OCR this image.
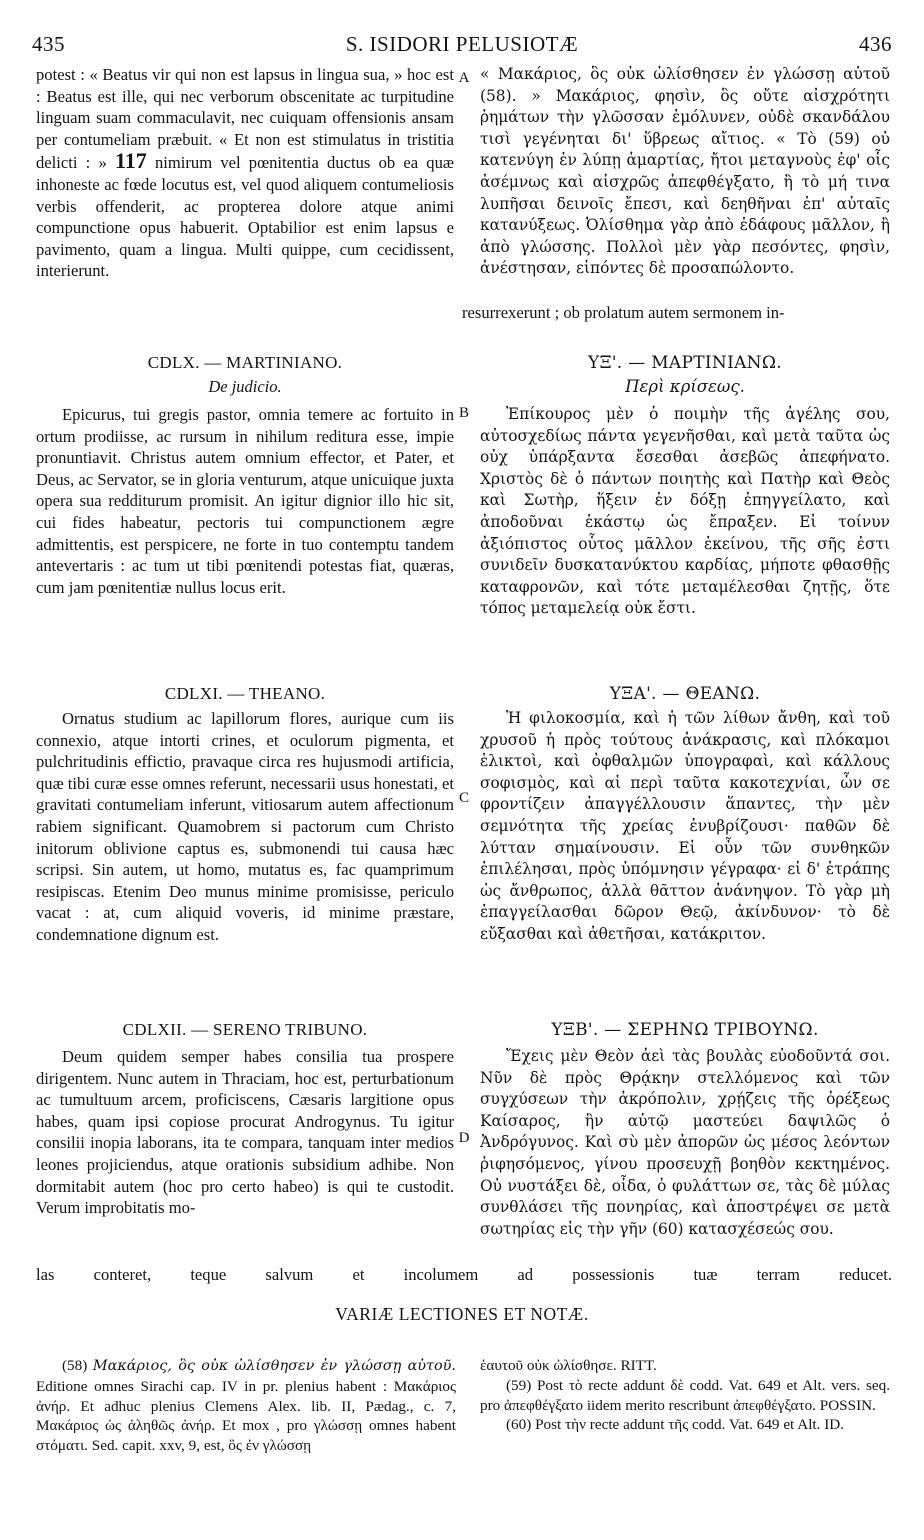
435	S. ISIDORI PELUSIOTÆ	436
A
B
C
D

potest : « Beatus vir qui non est lapsus in lingua sua, » hoc est : Beatus est ille, qui nec verborum obscenitate ac turpitudine linguam suam commaculavit, nec cuiquam offensionis ansam per contumeliam præbuit. « Et non est stimulatus in tristitia delicti : » 117 nimirum vel pœnitentia ductus ob ea quæ inhoneste ac fœde locutus est, vel quod aliquem contumeliosis verbis offenderit, ac propterea dolore atque animi compunctione opus habuerit. Optabilior est enim lapsus e pavimento, quam a lingua. Multi quippe, cum cecidissent, interierunt.

« Μακάριος, ὃς οὐκ ὠλίσθησεν ἐν γλώσσῃ αὐτοῦ (58). » Μακάριος, φησὶν, ὃς οὔτε αἰσχρότητι ῥημάτων τὴν γλῶσσαν ἐμόλυνεν, οὐδὲ σκανδάλου τισὶ γεγένηται δι' ὕβρεως αἴτιος. « Τὸ (59) οὐ κατενύγη ἐν λύπῃ ἁμαρτίας, ἤτοι μεταγνοὺς ἐφ' οἷς ἀσέμνως καὶ αἰσχρῶς ἀπεφθέγξατο, ἢ τὸ μή τινα λυπῆσαι δεινοῖς ἔπεσι, καὶ δεηθῆναι ἐπ' αὐταῖς κατανύξεως. Ὀλίσθημα γὰρ ἀπὸ ἐδάφους μᾶλλον, ἢ ἀπὸ γλώσσης. Πολλοὶ μὲν γὰρ πεσόντες, φησὶν, ἀνέστησαν, εἰπόντες δὲ προσαπώλοντο.

resurrexerunt ; ob prolatum autem sermonem in-

CDLX. — MARTINIANO.
De judicio.
ΥΞ'. — ΜΑΡΤΙΝΙΑΝΩ.
Περὶ κρίσεως.

Epicurus, tui gregis pastor, omnia temere ac fortuito in ortum prodiisse, ac rursum in nihilum reditura esse, impie pronuntiavit. Christus autem omnium effector, et Pater, et Deus, ac Servator, se in gloria venturum, atque unicuique juxta opera sua redditurum promisit. An igitur dignior illo hic sit, cui fides habeatur, pectoris tui compunctionem ægre admittentis, est perspicere, ne forte in tuo contemptu tandem antevertaris : ac tum ut tibi pœnitendi potestas fiat, quæras, cum jam pœnitentiæ nullus locus erit.

Ἐπίκουρος μὲν ὁ ποιμὴν τῆς ἀγέλης σου, αὐτοσχεδίως πάντα γεγενῆσθαι, καὶ μετὰ ταῦτα ὡς οὐχ ὑπάρξαντα ἔσεσθαι ἀσεβῶς ἀπεφήνατο. Χριστὸς δὲ ὁ πάντων ποιητὴς καὶ Πατὴρ καὶ Θεὸς καὶ Σωτὴρ, ἥξειν ἐν δόξῃ ἐπηγγείλατο, καὶ ἀποδοῦναι ἑκάστῳ ὡς ἔπραξεν. Εἰ τοίνυν ἀξιόπιστος οὗτος μᾶλλον ἐκείνου, τῆς σῆς ἐστι συνιδεῖν δυσκατανύκτου καρδίας, μήποτε φθασθῇς καταφρονῶν, καὶ τότε μεταμέλεσθαι ζητῇς, ὅτε τόπος μεταμελείᾳ οὐκ ἔστι.

CDLXI. — THEANO.	ΥΞΑ'. — ΘΕΑΝΩ.

Ornatus studium ac lapillorum flores, aurique cum iis connexio, atque intorti crines, et oculorum pigmenta, et pulchritudinis effictio, pravaque circa res hujusmodi artificia, quæ tibi curæ esse omnes referunt, necessarii usus honestati, et gravitati contumeliam inferunt, vitiosarum autem affectionum rabiem significant. Quamobrem si pactorum cum Christo initorum oblivione captus es, submonendi tui causa hæc scripsi. Sin autem, ut homo, mutatus es, fac quamprimum resipiscas. Etenim Deo munus minime promisisse, periculo vacat : at, cum aliquid voveris, id minime præstare, condemnatione dignum est.

Ἡ φιλοκοσμία, καὶ ἡ τῶν λίθων ἄνθη, καὶ τοῦ χρυσοῦ ἡ πρὸς τούτους ἀνάκρασις, καὶ πλόκαμοι ἑλικτοὶ, καὶ ὀφθαλμῶν ὑπογραφαὶ, καὶ κάλλους σοφισμὸς, καὶ αἱ περὶ ταῦτα κακοτεχνίαι, ὧν σε φροντίζειν ἀπαγγέλλουσιν ἅπαντες, τὴν μὲν σεμνότητα τῆς χρείας ἐνυβρίζουσι· παθῶν δὲ λύτταν σημαίνουσιν. Εἰ οὖν τῶν συνθηκῶν ἐπιλέλησαι, πρὸς ὑπόμνησιν γέγραφα· εἰ δ' ἐτράπης ὡς ἄνθρωπος, ἀλλὰ θᾶττον ἀνάνηψον. Τὸ γὰρ μὴ ἐπαγγείλασθαι δῶρον Θεῷ, ἀκίνδυνον· τὸ δὲ εὔξασθαι καὶ ἀθετῆσαι, κατάκριτον.

CDLXII. — SERENO TRIBUNO.	ΥΞΒ'. — ΣΕΡΗΝΩ ΤΡΙΒΟΥΝΩ.

Deum quidem semper habes consilia tua prospere dirigentem. Nunc autem in Thraciam, hoc est, perturbationum ac tumultuum arcem, proficiscens, Cæsaris largitione opus habes, quam ipsi copiose procurat Androgynus. Tu igitur consilii inopia laborans, ita te compara, tanquam inter medios leones projiciendus, atque orationis subsidium adhibe. Non dormitabit autem (hoc pro certo habeo) is qui te custodit. Verum improbitatis mo-

Ἔχεις μὲν Θεὸν ἀεὶ τὰς βουλὰς εὐοδοῦντά σοι. Νῦν δὲ πρὸς Θρᾴκην στελλόμενος καὶ τῶν συγχύσεων τὴν ἀκρόπολιν, χρῄζεις τῆς ὀρέξεως Καίσαρος, ἣν αὐτῷ μαστεύει δαψιλῶς ὁ Ἀνδρόγυνος. Καὶ σὺ μὲν ἀπορῶν ὡς μέσος λεόντων ῥιφησόμενος, γίνου προσευχῇ βοηθὸν κεκτημένος. Οὐ νυστάξει δὲ, οἶδα, ὁ φυλάττων σε, τὰς δὲ μύλας συνθλάσει τῆς πονηρίας, καὶ ἀποστρέψει σε μετὰ σωτηρίας εἰς τὴν γῆν (60) κατασχέσεώς σου.

las conteret, teque salvum et incolumem ad possessionis tuæ terram reducet.
VARIÆ LECTIONES ET NOTÆ.

(58) Μακάριος, ὃς οὐκ ὠλίσθησεν ἐν γλώσσῃ αὐτοῦ. Editione omnes Sirachi cap. IV in pr. plenius habent : Μακάριος ἀνήρ. Et adhuc plenius Clemens Alex. lib. II, Pædag., c. 7, Μακάριος ὡς ἀληθῶς ἀνήρ. Et mox , pro γλώσσῃ omnes habent στόματι. Sed. capit. xxv, 9, est, ὃς ἐν γλώσσῃ

ἑαυτοῦ οὐκ ὠλίσθησε. RITT.

(59) Post τὸ recte addunt δὲ codd. Vat. 649 et Alt. vers. seq. pro ἀπεφθέγξατο iidem merito rescribunt ἀπεφθέγξατο. POSSIN.

(60) Post τὴν recte addunt τῆς codd. Vat. 649 et Alt. ID.
